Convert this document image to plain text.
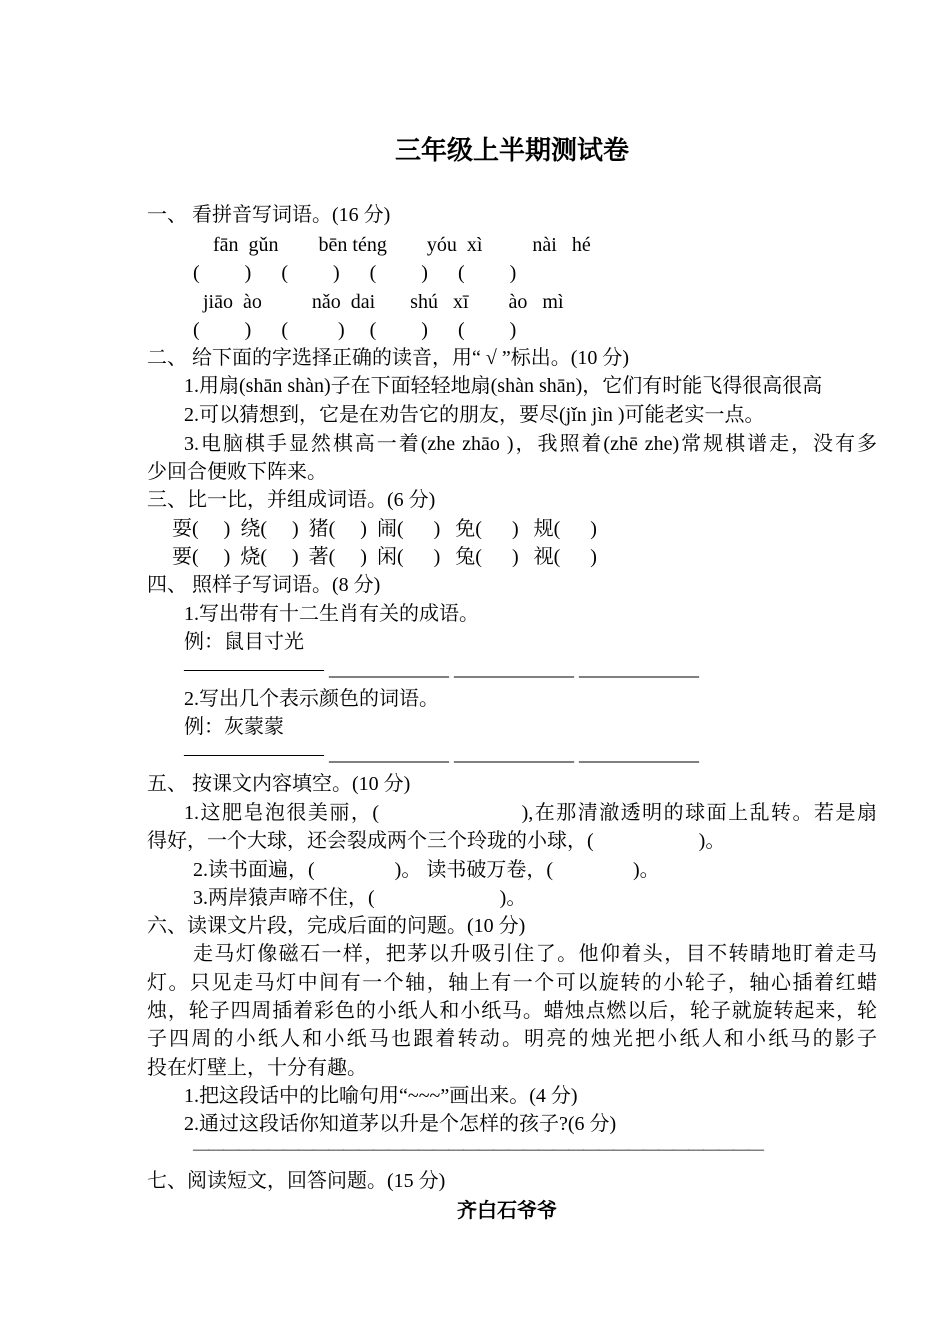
三年级上半期测试卷
一、 看拼音写词语。(16 分)
fān  gǔn        bēn téng        yóu  xì          nài   hé
(         )      (         )      (         )      (         )
jiāo  ào          nǎo  dai       shú   xī        ào   mì
(         )      (          )     (         )      (         )
二、 给下面的字选择正确的读音，用“ √ ”标出。(10 分)
1.用扇(shān shàn)子在下面轻轻地扇(shàn shān)，它们有时能飞得很高很高
2.可以猜想到，它是在劝告它的朋友，要尽(jǐn jìn )可能老实一点。
3.电脑棋手显然棋高一着(zhe zhāo )，我照着(zhē zhe)常规棋谱走，没有多
少回合便败下阵来。
三、比一比，并组成词语。(6 分)
耍(     )  绕(     )  猪(     )  闹(      )   免(      )   规(      )
要(     )  烧(     )  著(     )  闲(      )   兔(      )   视(      )
四、 照样子写词语。(8 分)
1.写出带有十二生肖有关的成语。
例：鼠目寸光
——————— ____________ ____________ ____________
2.写出几个表示颜色的词语。
例：灰蒙蒙
——————— ____________ ____________ ____________
五、 按课文内容填空。(10 分)
1.这肥皂泡很美丽，(                      ),在那清澈透明的球面上乱转。若是扇
得好，一个大球，还会裂成两个三个玲珑的小球，(                     )。
2.读书面遍，(                )。 读书破万卷，(                )。
3.两岸猿声啼不住，(                         )。
六、读课文片段，完成后面的问题。(10 分)
走马灯像磁石一样，把茅以升吸引住了。他仰着头，目不转睛地盯着走马
灯。只见走马灯中间有一个轴，轴上有一个可以旋转的小轮子，轴心插着红蜡
烛，轮子四周插着彩色的小纸人和小纸马。蜡烛点燃以后，轮子就旋转起来，轮
子四周的小纸人和小纸马也跟着转动。明亮的烛光把小纸人和小纸马的影子
投在灯壁上，十分有趣。
1.把这段话中的比喻句用“~~~”画出来。(4 分)
2.通过这段话你知道茅以升是个怎样的孩子?(6 分)
——————————————————————————————————————
七、阅读短文，回答问题。(15 分)
齐白石爷爷
